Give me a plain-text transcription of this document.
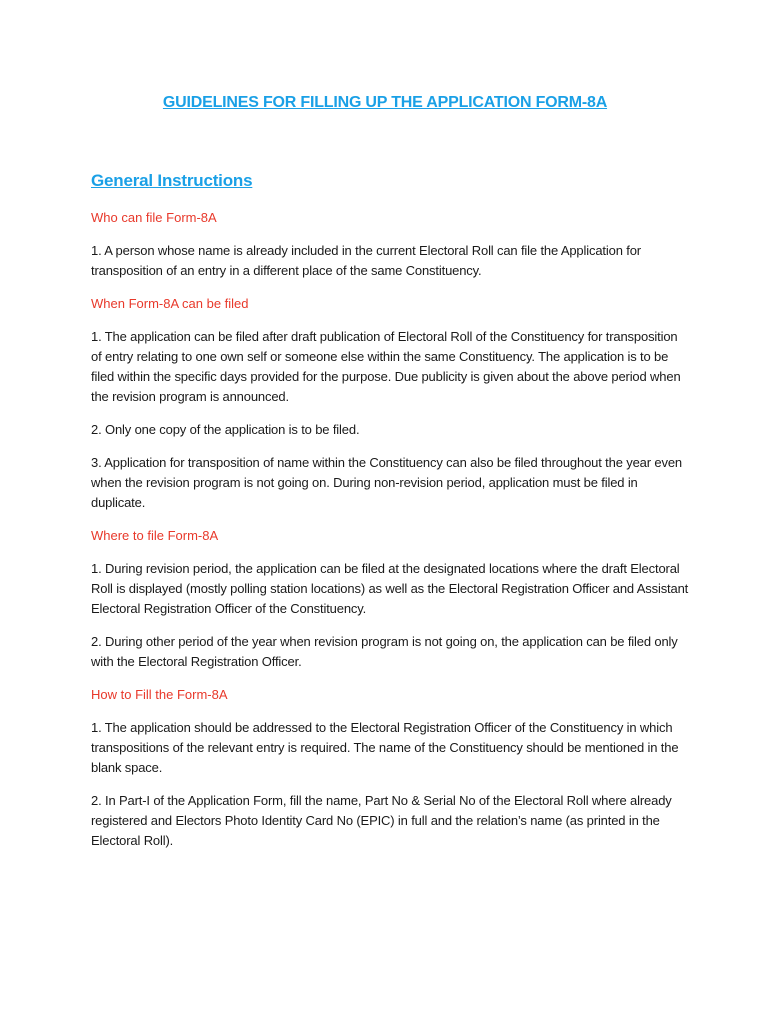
GUIDELINES FOR FILLING UP THE APPLICATION FORM-8A
General Instructions
Who can file Form-8A
1. A person whose name is already included in the current Electoral Roll can file the Application for transposition of an entry in a different place of the same Constituency.
When Form-8A can be filed
1. The application can be filed after draft publication of Electoral Roll of the Constituency for transposition of entry relating to one own self or someone else within the same Constituency. The application is to be filed within the specific days provided for the purpose. Due publicity is given about the above period when the revision program is announced.
2. Only one copy of the application is to be filed.
3. Application for transposition of name within the Constituency can also be filed throughout the year even when the revision program is not going on. During non-revision period, application must be filed in duplicate.
Where to file Form-8A
1. During revision period, the application can be filed at the designated locations where the draft Electoral Roll is displayed (mostly polling station locations) as well as the Electoral Registration Officer and Assistant Electoral Registration Officer of the Constituency.
2. During other period of the year when revision program is not going on, the application can be filed only with the Electoral Registration Officer.
How to Fill the Form-8A
1. The application should be addressed to the Electoral Registration Officer of the Constituency in which transpositions of the relevant entry is required. The name of the Constituency should be mentioned in the blank space.
2. In Part-I of the Application Form, fill the name, Part No & Serial No of the Electoral Roll where already registered and Electors Photo Identity Card No (EPIC) in full and the relation’s name (as printed in the Electoral Roll).
